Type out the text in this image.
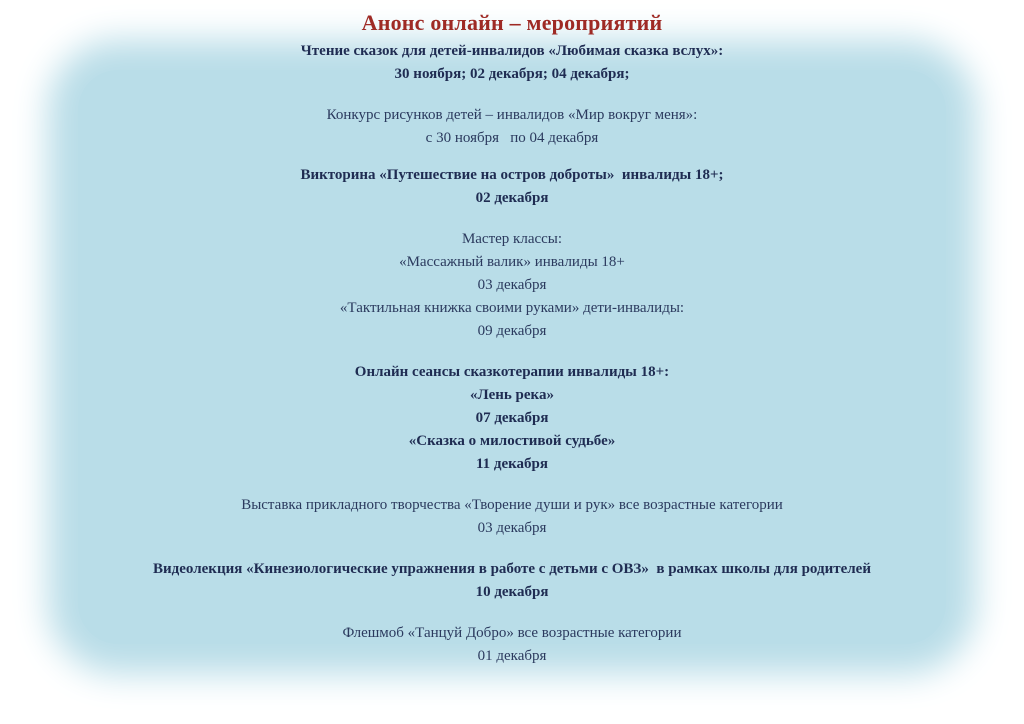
Анонс онлайн – мероприятий

Чтение сказок для детей-инвалидов «Любимая сказка вслух»:

30 ноября; 02 декабря; 04 декабря;

Конкурс рисунков детей – инвалидов «Мир вокруг меня»:

с 30 ноября   по 04 декабря

Викторина «Путешествие на остров доброты»  инвалиды 18+;

02 декабря

Мастер классы:

«Массажный валик» инвалиды 18+

03 декабря

«Тактильная книжка своими руками» дети-инвалиды:

09 декабря

Онлайн сеансы сказкотерапии инвалиды 18+:

«Лень река»

07 декабря

«Сказка о милостивой судьбе»

11 декабря

Выставка прикладного творчества «Творение души и рук» все возрастные категории

03 декабря

Видеолекция «Кинезиологические упражнения в работе с детьми с ОВЗ»  в рамках школы для родителей

10 декабря

Флешмоб «Танцуй Добро» все возрастные категории

01 декабря
